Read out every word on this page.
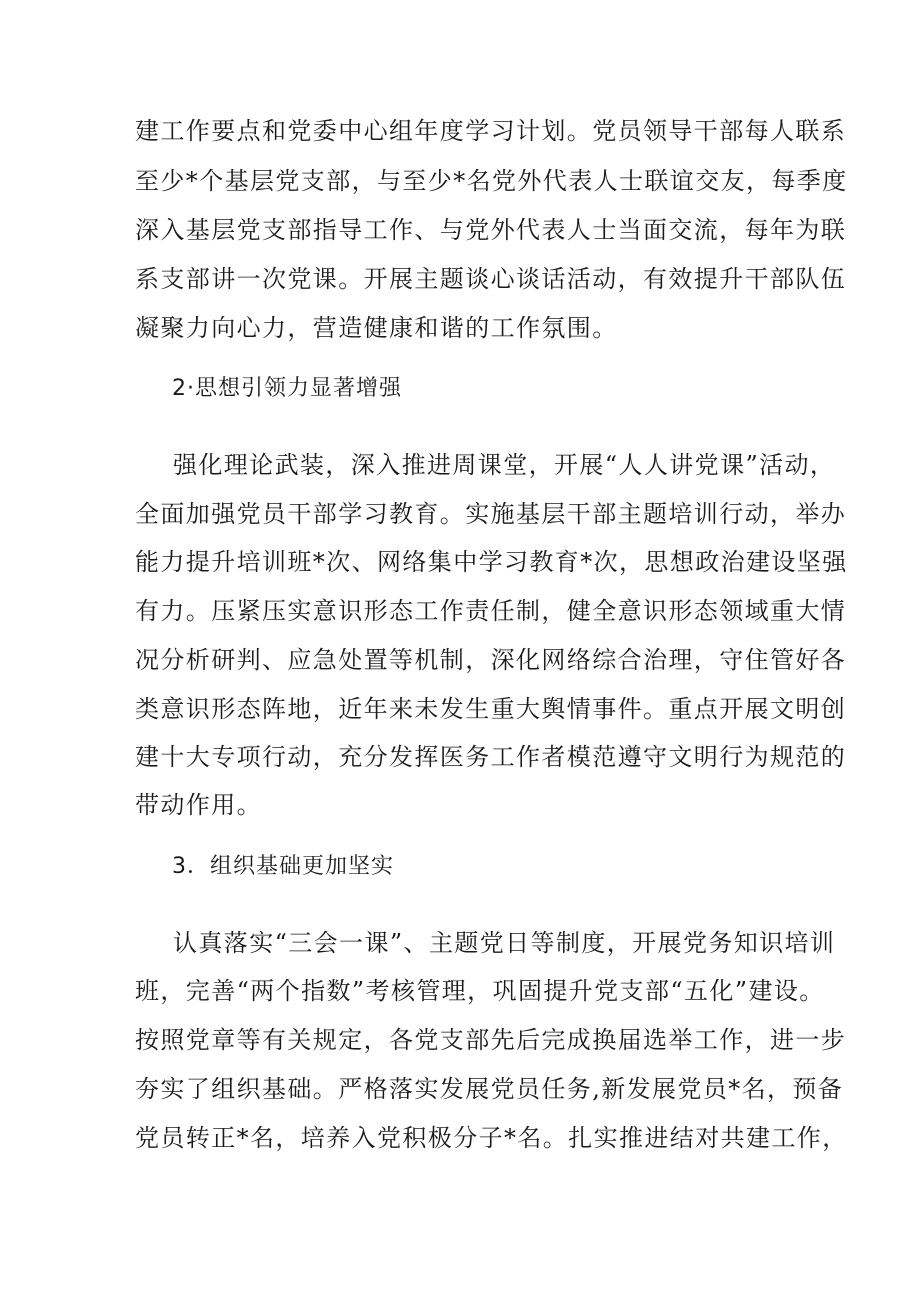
建工作要点和党委中心组年度学习计划。党员领导干部每人联系
至少*个基层党支部，与至少*名党外代表人士联谊交友，每季度
深入基层党支部指导工作、与党外代表人士当面交流，每年为联
系支部讲一次党课。开展主题谈心谈话活动，有效提升干部队伍
凝聚力向心力，营造健康和谐的工作氛围。
2·思想引领力显著增强
强化理论武装，深入推进周课堂，开展“人人讲党课”活动，
全面加强党员干部学习教育。实施基层干部主题培训行动，举办
能力提升培训班*次、网络集中学习教育*次，思想政治建设坚强
有力。压紧压实意识形态工作责任制，健全意识形态领域重大情
况分析研判、应急处置等机制，深化网络综合治理，守住管好各
类意识形态阵地，近年来未发生重大舆情事件。重点开展文明创
建十大专项行动，充分发挥医务工作者模范遵守文明行为规范的
带动作用。
3．组织基础更加坚实
认真落实“三会一课”、主题党日等制度，开展党务知识培训
班，完善“两个指数”考核管理，巩固提升党支部“五化”建设。
按照党章等有关规定，各党支部先后完成换届选举工作，进一步
夯实了组织基础。严格落实发展党员任务,新发展党员*名，预备
党员转正*名，培养入党积极分子*名。扎实推进结对共建工作，
